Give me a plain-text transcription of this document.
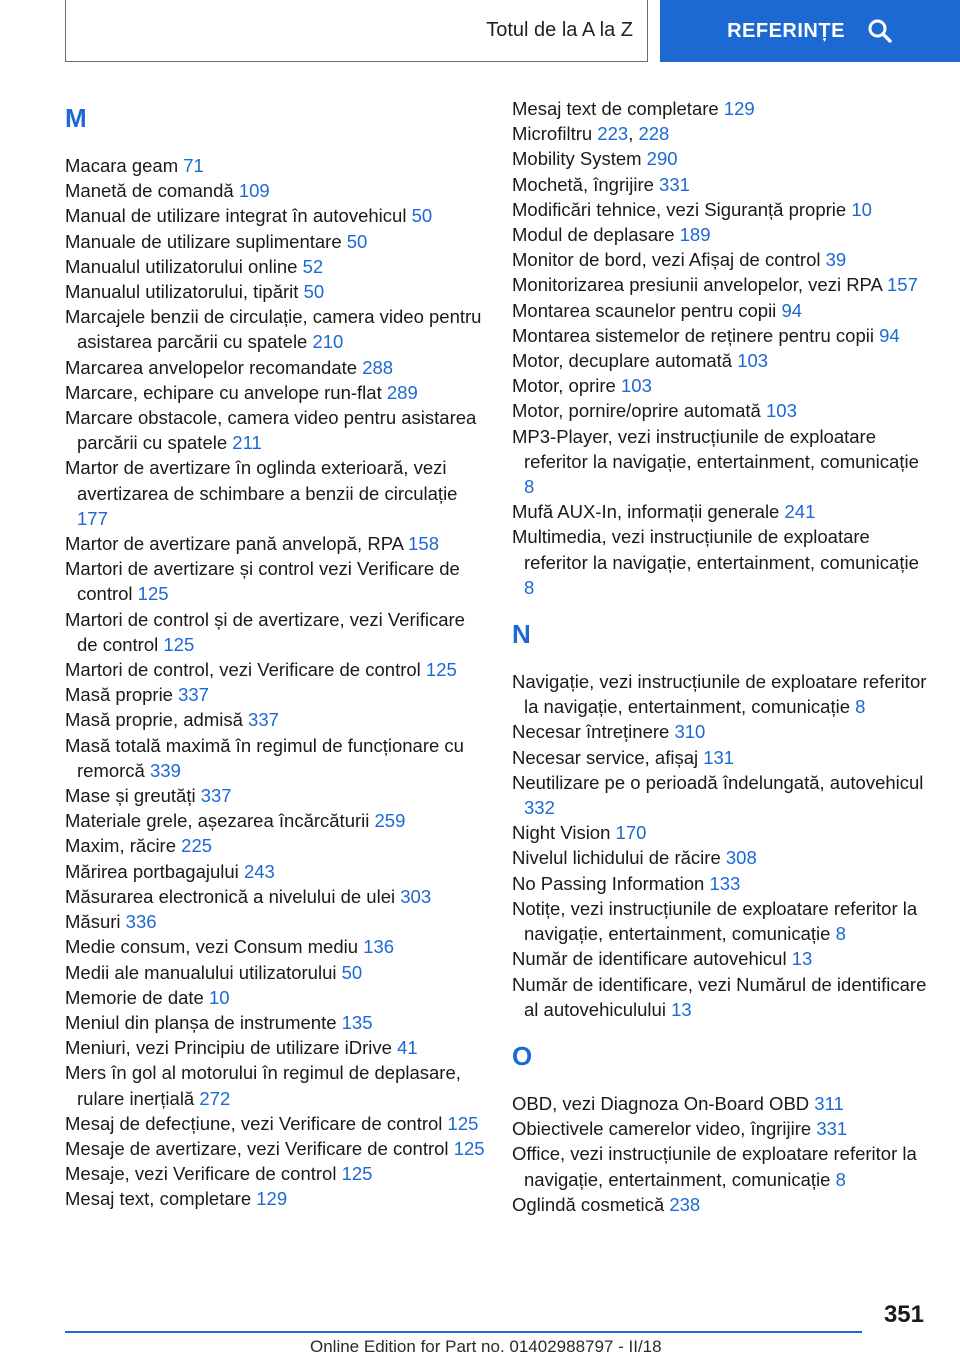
Totul de la A la Z	REFERINȚE
M
Macara geam 71
Manetă de comandă 109
Manual de utilizare integrat în autovehicul 50
Manuale de utilizare suplimentare 50
Manualul utilizatorului online 52
Manualul utilizatorului, tipărit 50
Marcajele benzii de circulație, camera video pentru asistarea parcării cu spatele 210
Marcarea anvelopelor recomandate 288
Marcare, echipare cu anvelope run-flat 289
Marcare obstacole, camera video pentru asistarea parcării cu spatele 211
Martor de avertizare în oglinda exterioară, vezi avertizarea de schimbare a benzii de circulație 177
Martor de avertizare pană anvelopă, RPA 158
Martori de avertizare și control vezi Verificare de control 125
Martori de control și de avertizare, vezi Verificare de control 125
Martori de control, vezi Verificare de control 125
Masă proprie 337
Masă proprie, admisă 337
Masă totală maximă în regimul de funcționare cu remorcă 339
Mase și greutăți 337
Materiale grele, așezarea încărcăturii 259
Maxim, răcire 225
Mărirea portbagajului 243
Măsurarea electronică a nivelului de ulei 303
Măsuri 336
Medie consum, vezi Consum mediu 136
Medii ale manualului utilizatorului 50
Memorie de date 10
Meniul din planșa de instrumente 135
Meniuri, vezi Principiu de utilizare iDrive 41
Mers în gol al motorului în regimul de deplasare, rulare inerțială 272
Mesaj de defecțiune, vezi Verificare de control 125
Mesaje de avertizare, vezi Verificare de control 125
Mesaje, vezi Verificare de control 125
Mesaj text, completare 129
Mesaj text de completare 129
Microfiltru 223, 228
Mobility System 290
Mochetă, îngrijire 331
Modificări tehnice, vezi Siguranță proprie 10
Modul de deplasare 189
Monitor de bord, vezi Afișaj de control 39
Monitorizarea presiunii anvelopelor, vezi RPA 157
Montarea scaunelor pentru copii 94
Montarea sistemelor de reținere pentru copii 94
Motor, decuplare automată 103
Motor, oprire 103
Motor, pornire/oprire automată 103
MP3-Player, vezi instrucțiunile de exploatare referitor la navigație, entertainment, comunicație 8
Mufă AUX-In, informații generale 241
Multimedia, vezi instrucțiunile de exploatare referitor la navigație, entertainment, comunicație 8
N
Navigație, vezi instrucțiunile de exploatare referitor la navigație, entertainment, comunicație 8
Necesar întreținere 310
Necesar service, afișaj 131
Neutilizare pe o perioadă îndelungată, autovehicul 332
Night Vision 170
Nivelul lichidului de răcire 308
No Passing Information 133
Notițe, vezi instrucțiunile de exploatare referitor la navigație, entertainment, comunicație 8
Număr de identificare autovehicul 13
Număr de identificare, vezi Numărul de identificare al autovehiculului 13
O
OBD, vezi Diagnoza On-Board OBD 311
Obiectivele camerelor video, îngrijire 331
Office, vezi instrucțiunile de exploatare referitor la navigație, entertainment, comunicație 8
Oglindă cosmetică 238
351
Online Edition for Part no. 01402988797 - II/18
